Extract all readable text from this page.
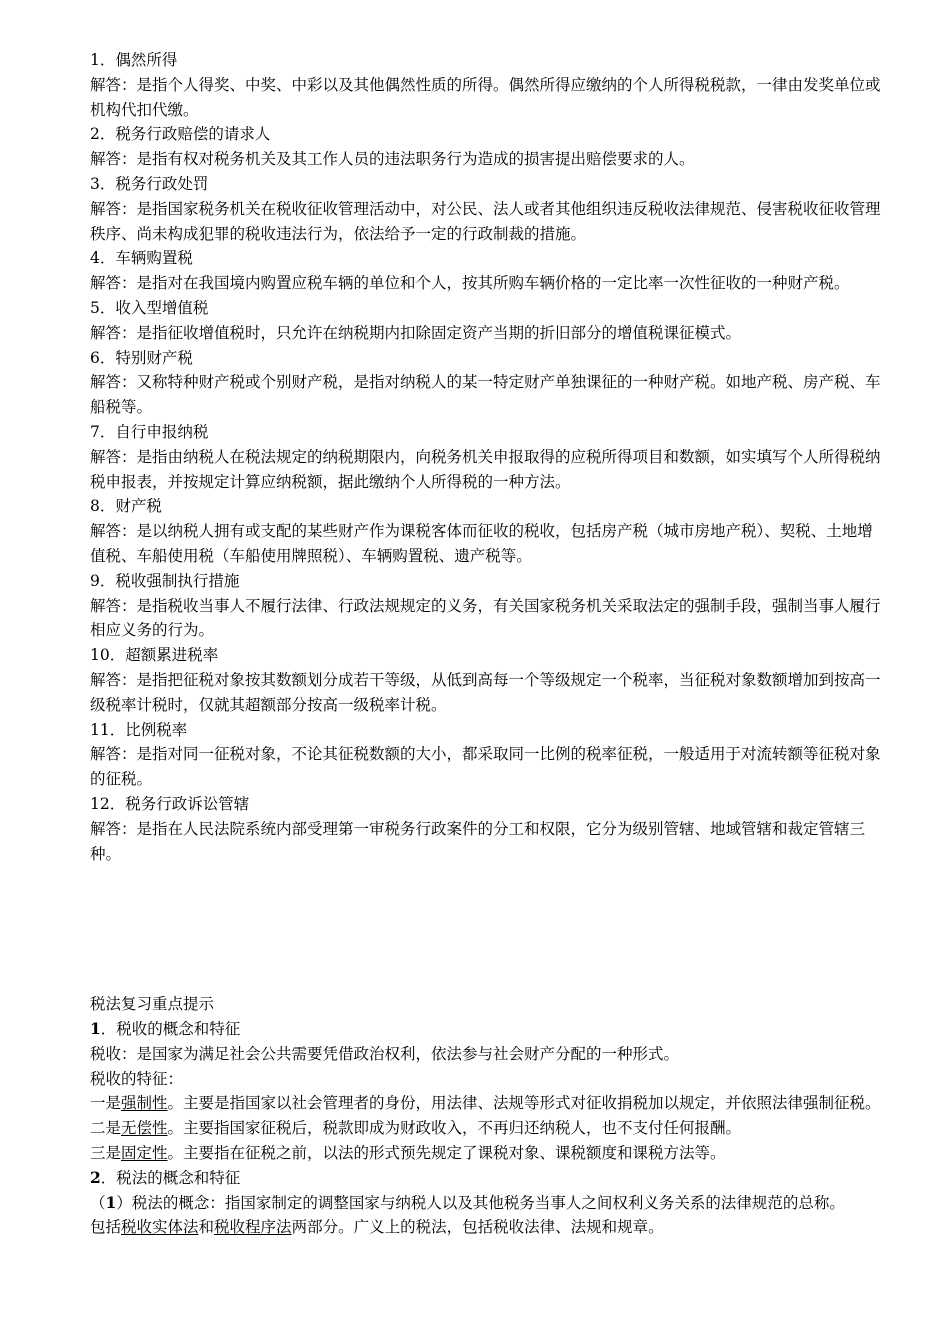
1．偶然所得
解答：是指个人得奖、中奖、中彩以及其他偶然性质的所得。偶然所得应缴纳的个人所得税税款，一律由发奖单位或机构代扣代缴。
2．税务行政赔偿的请求人
解答：是指有权对税务机关及其工作人员的违法职务行为造成的损害提出赔偿要求的人。
3．税务行政处罚
解答：是指国家税务机关在税收征收管理活动中，对公民、法人或者其他组织违反税收法律规范、侵害税收征收管理秩序、尚未构成犯罪的税收违法行为，依法给予一定的行政制裁的措施。
4．车辆购置税
解答：是指对在我国境内购置应税车辆的单位和个人，按其所购车辆价格的一定比率一次性征收的一种财产税。
5．收入型增值税
解答：是指征收增值税时，只允许在纳税期内扣除固定资产当期的折旧部分的增值税课征模式。
6．特别财产税
解答：又称特种财产税或个别财产税，是指对纳税人的某一特定财产单独课征的一种财产税。如地产税、房产税、车船税等。
7．自行申报纳税
解答：是指由纳税人在税法规定的纳税期限内，向税务机关申报取得的应税所得项目和数额，如实填写个人所得税纳税申报表，并按规定计算应纳税额，据此缴纳个人所得税的一种方法。
8．财产税
解答：是以纳税人拥有或支配的某些财产作为课税客体而征收的税收，包括房产税（城市房地产税）、契税、土地增值税、车船使用税（车船使用牌照税）、车辆购置税、遗产税等。
9．税收强制执行措施
解答：是指税收当事人不履行法律、行政法规规定的义务，有关国家税务机关采取法定的强制手段，强制当事人履行相应义务的行为。
10．超额累进税率
解答：是指把征税对象按其数额划分成若干等级，从低到高每一个等级规定一个税率，当征税对象数额增加到按高一级税率计税时，仅就其超额部分按高一级税率计税。
11．比例税率
解答：是指对同一征税对象，不论其征税数额的大小，都采取同一比例的税率征税，一般适用于对流转额等征税对象的征税。
12．税务行政诉讼管辖
解答：是指在人民法院系统内部受理第一审税务行政案件的分工和权限，它分为级别管辖、地域管辖和裁定管辖三种。
税法复习重点提示
1．税收的概念和特征
税收：是国家为满足社会公共需要凭借政治权利，依法参与社会财产分配的一种形式。
税收的特征：
一是强制性。主要是指国家以社会管理者的身份，用法律、法规等形式对征收捐税加以规定，并依照法律强制征税。
二是无偿性。主要指国家征税后，税款即成为财政收入，不再归还纳税人，也不支付任何报酬。
三是固定性。主要指在征税之前，以法的形式预先规定了课税对象、课税额度和课税方法等。
2．税法的概念和特征
（1）税法的概念：指国家制定的调整国家与纳税人以及其他税务当事人之间权利义务关系的法律规范的总称。
包括税收实体法和税收程序法两部分。广义上的税法，包括税收法律、法规和规章。
